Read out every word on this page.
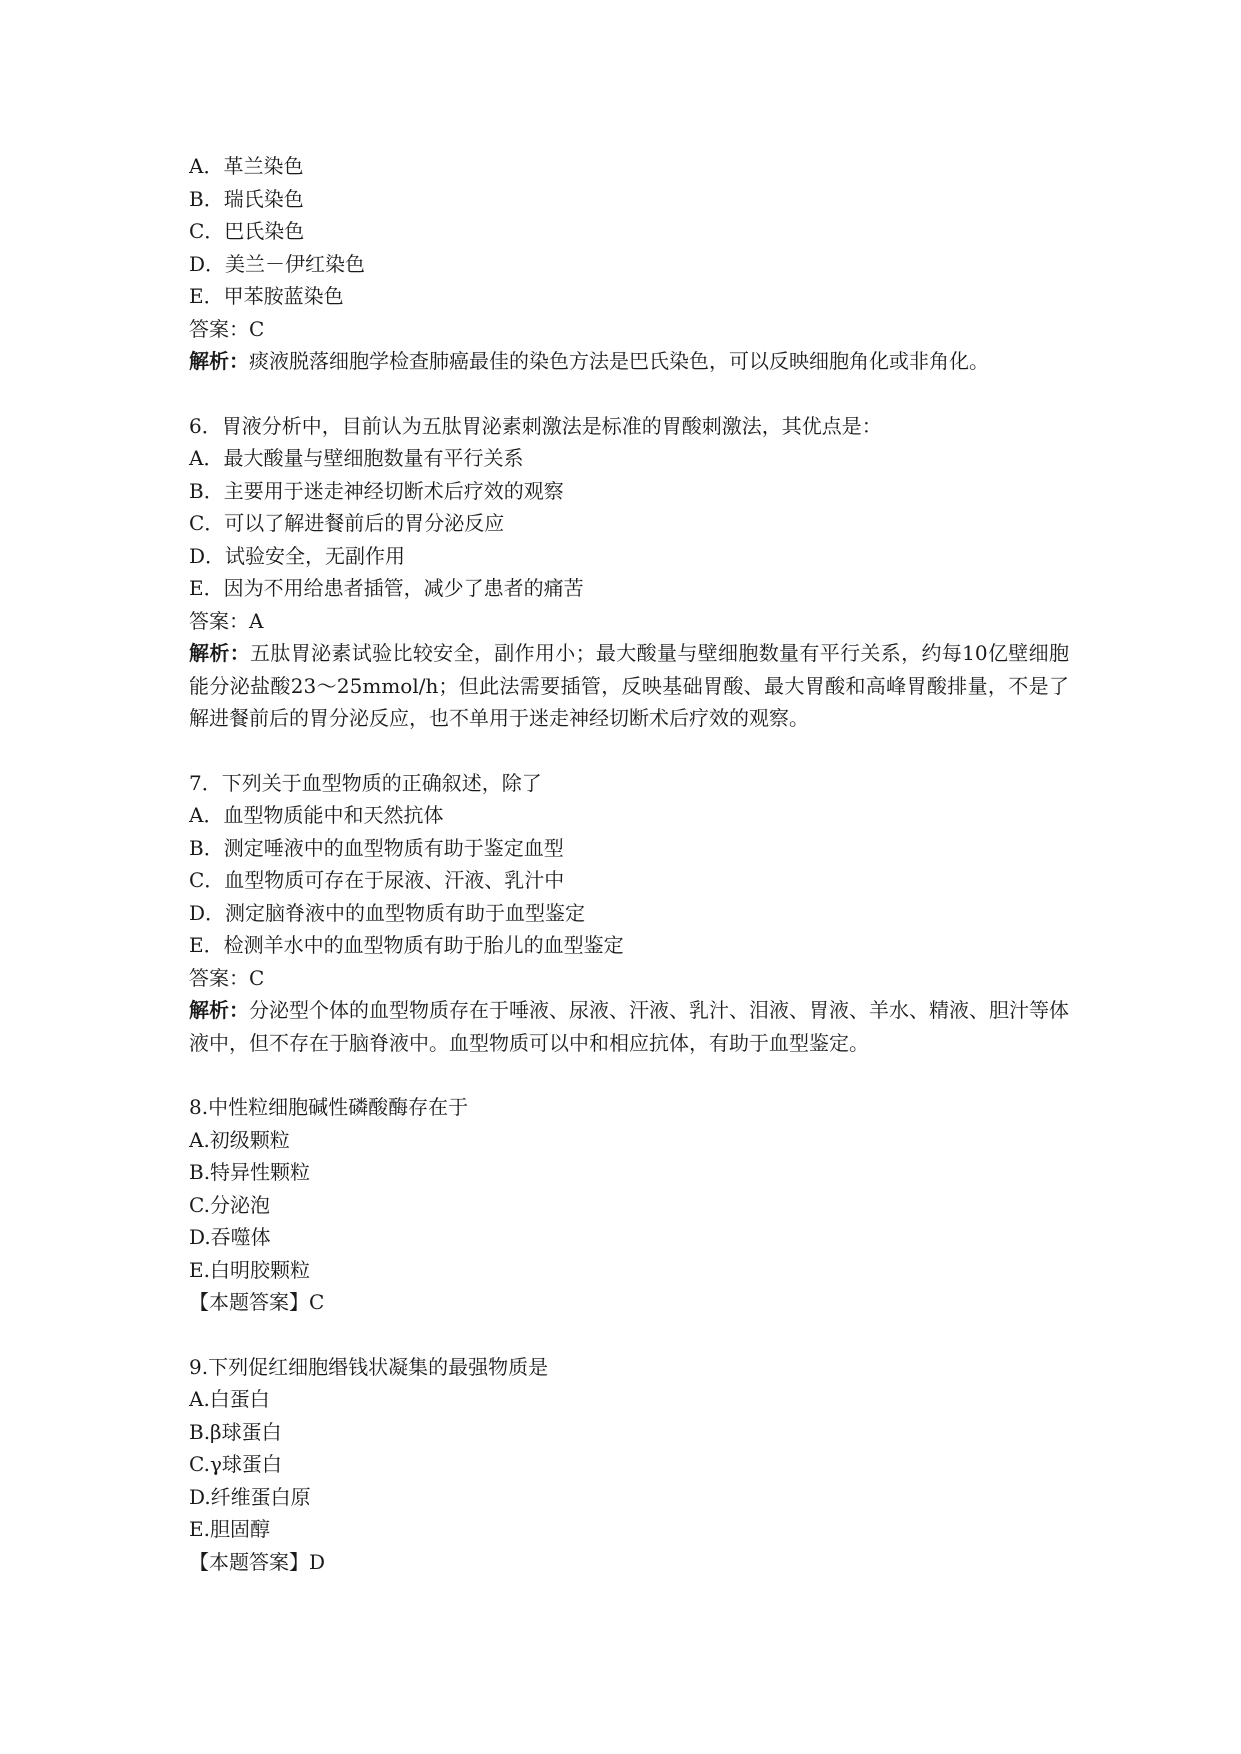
A．革兰染色
B．瑞氏染色
C．巴氏染色
D．美兰－伊红染色
E．甲苯胺蓝染色
答案：C
解析：痰液脱落细胞学检查肺癌最佳的染色方法是巴氏染色，可以反映细胞角化或非角化。
6．胃液分析中，目前认为五肽胃泌素刺激法是标准的胃酸刺激法，其优点是：
A．最大酸量与壁细胞数量有平行关系
B．主要用于迷走神经切断术后疗效的观察
C．可以了解进餐前后的胃分泌反应
D．试验安全，无副作用
E．因为不用给患者插管，减少了患者的痛苦
答案：A
解析：五肽胃泌素试验比较安全，副作用小；最大酸量与壁细胞数量有平行关系，约每10亿壁细胞能分泌盐酸23～25mmol/h；但此法需要插管，反映基础胃酸、最大胃酸和高峰胃酸排量，不是了解进餐前后的胃分泌反应，也不单用于迷走神经切断术后疗效的观察。
7．下列关于血型物质的正确叙述，除了
A．血型物质能中和天然抗体
B．测定唾液中的血型物质有助于鉴定血型
C．血型物质可存在于尿液、汗液、乳汁中
D．测定脑脊液中的血型物质有助于血型鉴定
E．检测羊水中的血型物质有助于胎儿的血型鉴定
答案：C
解析：分泌型个体的血型物质存在于唾液、尿液、汗液、乳汁、泪液、胃液、羊水、精液、胆汁等体液中，但不存在于脑脊液中。血型物质可以中和相应抗体，有助于血型鉴定。
8.中性粒细胞碱性磷酸酶存在于
A.初级颗粒
B.特异性颗粒
C.分泌泡
D.吞噬体
E.白明胶颗粒
【本题答案】C
9.下列促红细胞缗钱状凝集的最强物质是
A.白蛋白
B.β球蛋白
C.γ球蛋白
D.纤维蛋白原
E.胆固醇
【本题答案】D
